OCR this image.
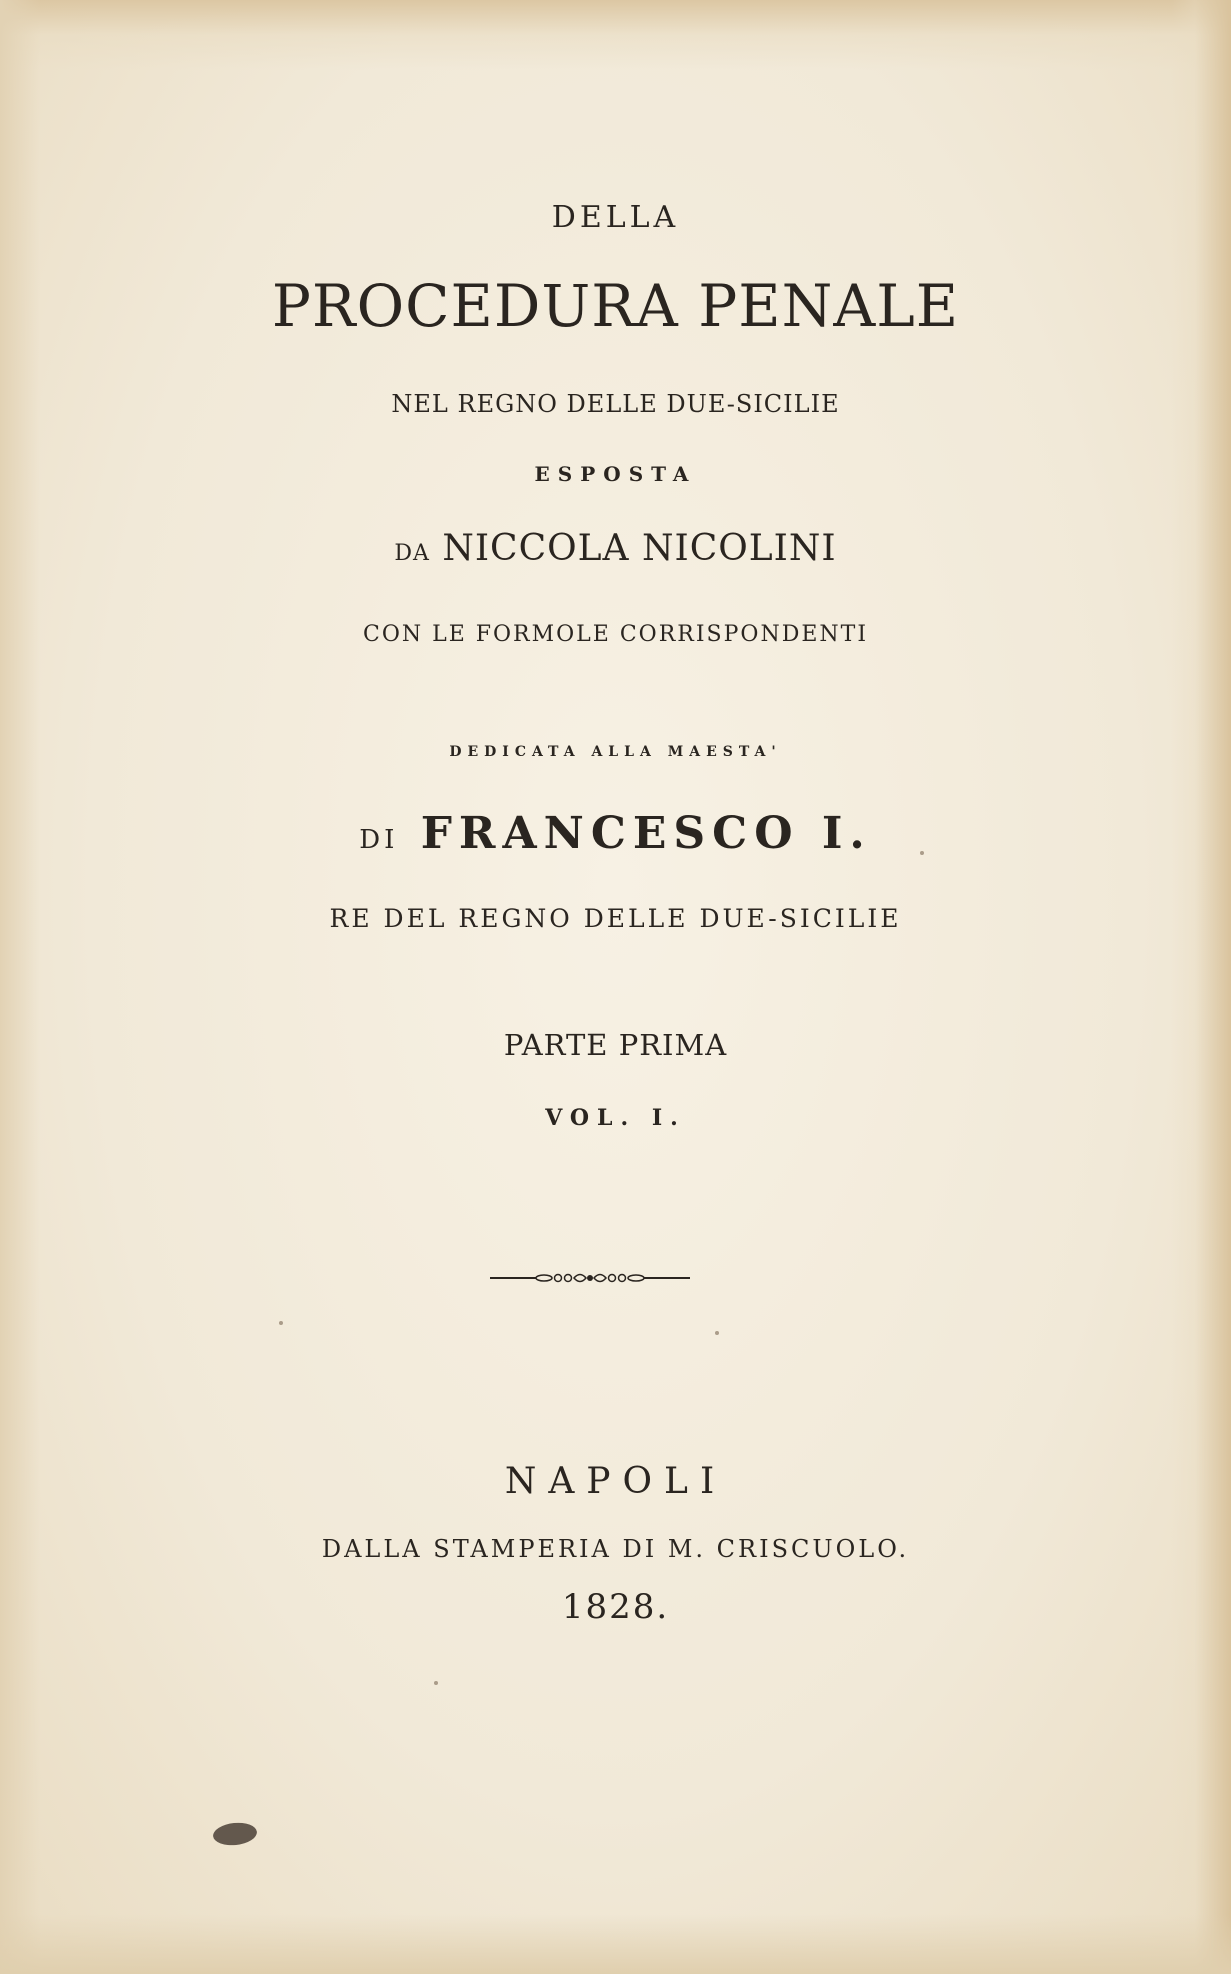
DELLA
PROCEDURA PENALE
NEL REGNO DELLE DUE-SICILIE
ESPOSTA
DA NICCOLA NICOLINI
CON LE FORMOLE CORRISPONDENTI
DEDICATA ALLA MAESTA'
DI FRANCESCO I.
RE DEL REGNO DELLE DUE-SICILIE
PARTE PRIMA
VOL. I.
NAPOLI
DALLA STAMPERIA DI M. CRISCUOLO.
1828.
